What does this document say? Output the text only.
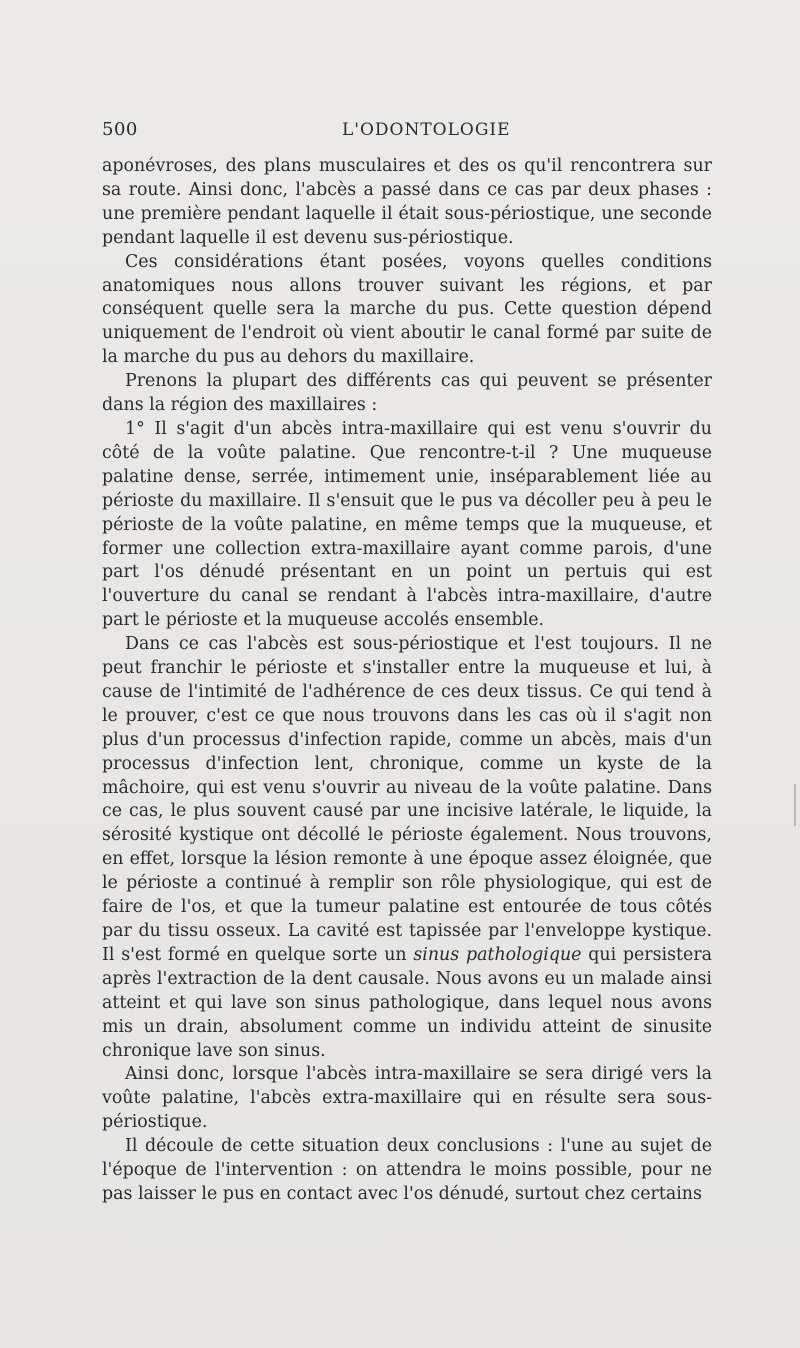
500	L'ODONTOLOGIE

aponévroses, des plans musculaires et des os qu'il rencontrera sur sa route. Ainsi donc, l'abcès a passé dans ce cas par deux phases : une première pendant laquelle il était sous-périostique, une seconde pendant laquelle il est devenu sus-périostique.

Ces considérations étant posées, voyons quelles conditions anatomiques nous allons trouver suivant les régions, et par conséquent quelle sera la marche du pus. Cette question dépend uniquement de l'endroit où vient aboutir le canal formé par suite de la marche du pus au dehors du maxillaire.

Prenons la plupart des différents cas qui peuvent se présenter dans la région des maxillaires :

1° Il s'agit d'un abcès intra-maxillaire qui est venu s'ouvrir du côté de la voûte palatine. Que rencontre-t-il ? Une muqueuse palatine dense, serrée, intimement unie, inséparablement liée au périoste du maxillaire. Il s'ensuit que le pus va décoller peu à peu le périoste de la voûte palatine, en même temps que la muqueuse, et former une collection extra-maxillaire ayant comme parois, d'une part l'os dénudé présentant en un point un pertuis qui est l'ouverture du canal se rendant à l'abcès intra-maxillaire, d'autre part le périoste et la muqueuse accolés ensemble.

Dans ce cas l'abcès est sous-périostique et l'est toujours. Il ne peut franchir le périoste et s'installer entre la muqueuse et lui, à cause de l'intimité de l'adhérence de ces deux tissus. Ce qui tend à le prouver, c'est ce que nous trouvons dans les cas où il s'agit non plus d'un processus d'infection rapide, comme un abcès, mais d'un processus d'infection lent, chronique, comme un kyste de la mâchoire, qui est venu s'ouvrir au niveau de la voûte palatine. Dans ce cas, le plus souvent causé par une incisive latérale, le liquide, la sérosité kystique ont décollé le périoste également. Nous trouvons, en effet, lorsque la lésion remonte à une époque assez éloignée, que le périoste a continué à remplir son rôle physiologique, qui est de faire de l'os, et que la tumeur palatine est entourée de tous côtés par du tissu osseux. La cavité est tapissée par l'enveloppe kystique. Il s'est formé en quelque sorte un sinus pathologique qui persistera après l'extraction de la dent causale. Nous avons eu un malade ainsi atteint et qui lave son sinus pathologique, dans lequel nous avons mis un drain, absolument comme un individu atteint de sinusite chronique lave son sinus.

Ainsi donc, lorsque l'abcès intra-maxillaire se sera dirigé vers la voûte palatine, l'abcès extra-maxillaire qui en résulte sera sous-périostique.

Il découle de cette situation deux conclusions : l'une au sujet de l'époque de l'intervention : on attendra le moins possible, pour ne pas laisser le pus en contact avec l'os dénudé, surtout chez certains
